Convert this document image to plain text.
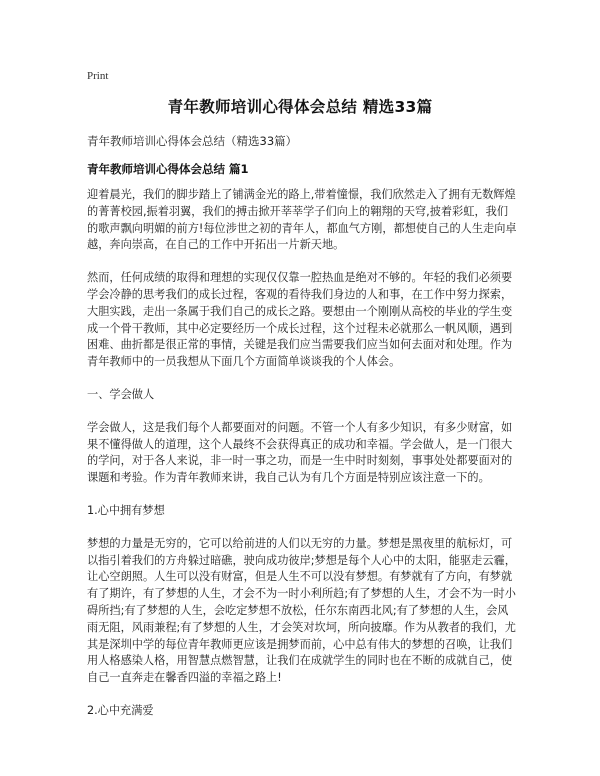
Print
青年教师培训心得体会总结 精选33篇
青年教师培训心得体会总结（精选33篇）
青年教师培训心得体会总结 篇1

迎着晨光，我们的脚步踏上了铺满金光的路上,带着憧憬，我们欣然走入了拥有无数辉煌的菁菁校园,振着羽翼，我们的搏击掀开莘莘学子们向上的翱翔的天穹,披着彩虹，我们的歌声飘向明媚的前方!每位涉世之初的青年人，都血气方刚，都想使自己的人生走向卓越，奔向崇高，在自己的工作中开拓出一片新天地。

然而，任何成绩的取得和理想的实现仅仅靠一腔热血是绝对不够的。年轻的我们必须要学会冷静的思考我们的成长过程，客观的看待我们身边的人和事，在工作中努力探索，大胆实践，走出一条属于我们自己的成长之路。要想由一个刚刚从高校的毕业的学生变成一个骨干教师，其中必定要经历一个成长过程，这个过程未必就那么一帆风顺，遇到困难、曲折都是很正常的事情，关键是我们应当需要我们应当如何去面对和处理。作为青年教师中的一员我想从下面几个方面简单谈谈我的个人体会。

一、学会做人

学会做人，这是我们每个人都要面对的问题。不管一个人有多少知识，有多少财富，如果不懂得做人的道理，这个人最终不会获得真正的成功和幸福。学会做人，是一门很大的学问，对于各人来说，非一时一事之功，而是一生中时时刻刻，事事处处都要面对的课题和考验。作为青年教师来讲，我自己认为有几个方面是特别应该注意一下的。

1.心中拥有梦想

梦想的力量是无穷的，它可以给前进的人们以无穷的力量。梦想是黑夜里的航标灯，可以指引着我们的方舟躲过暗礁，驶向成功彼岸;梦想是每个人心中的太阳，能驱走云霾，让心空朗照。人生可以没有财富，但是人生不可以没有梦想。有梦就有了方向，有梦就有了期许，有了梦想的人生，才会不为一时小利所趋;有了梦想的人生，才会不为一时小碍所挡;有了梦想的人生，会吃定梦想不放松，任尔东南西北风;有了梦想的人生，会风雨无阻，风雨兼程;有了梦想的人生，才会笑对坎坷，所向披靡。作为从教者的我们，尤其是深圳中学的每位青年教师更应该是拥梦而前，心中总有伟大的梦想的召唤，让我们用人格感染人格，用智慧点燃智慧，让我们在成就学生的同时也在不断的成就自己，使自己一直奔走在馨香四溢的幸福之路上!

2.心中充满爱
